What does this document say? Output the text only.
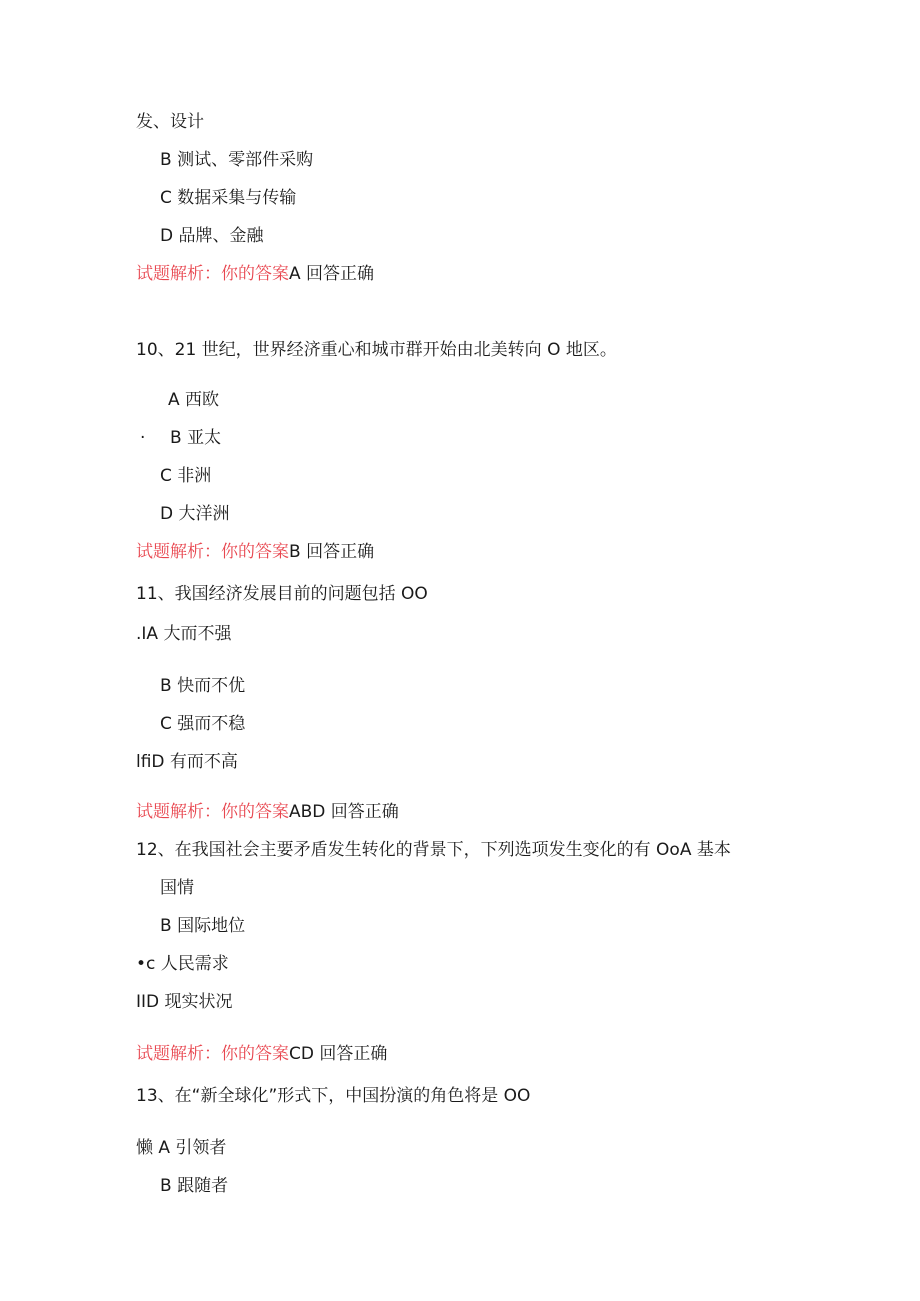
发、设计
B 测试、零部件采购
C 数据采集与传输
D 品牌、金融
试题解析：你的答案A 回答正确
10、21 世纪，世界经济重心和城市群开始由北美转向 O 地区。
A 西欧
· B 亚太
C 非洲
D 大洋洲
试题解析：你的答案B 回答正确
11、我国经济发展目前的问题包括 OO
.IA 大而不强
B 快而不优
C 强而不稳
lfiD 有而不高
试题解析：你的答案ABD 回答正确
12、在我国社会主要矛盾发生转化的背景下，下列选项发生变化的有 OoA 基本
国情
B 国际地位
•c 人民需求
IID 现实状况
试题解析：你的答案CD 回答正确
13、在“新全球化”形式下，中国扮演的角色将是 OO
懒 A 引领者
B 跟随者
